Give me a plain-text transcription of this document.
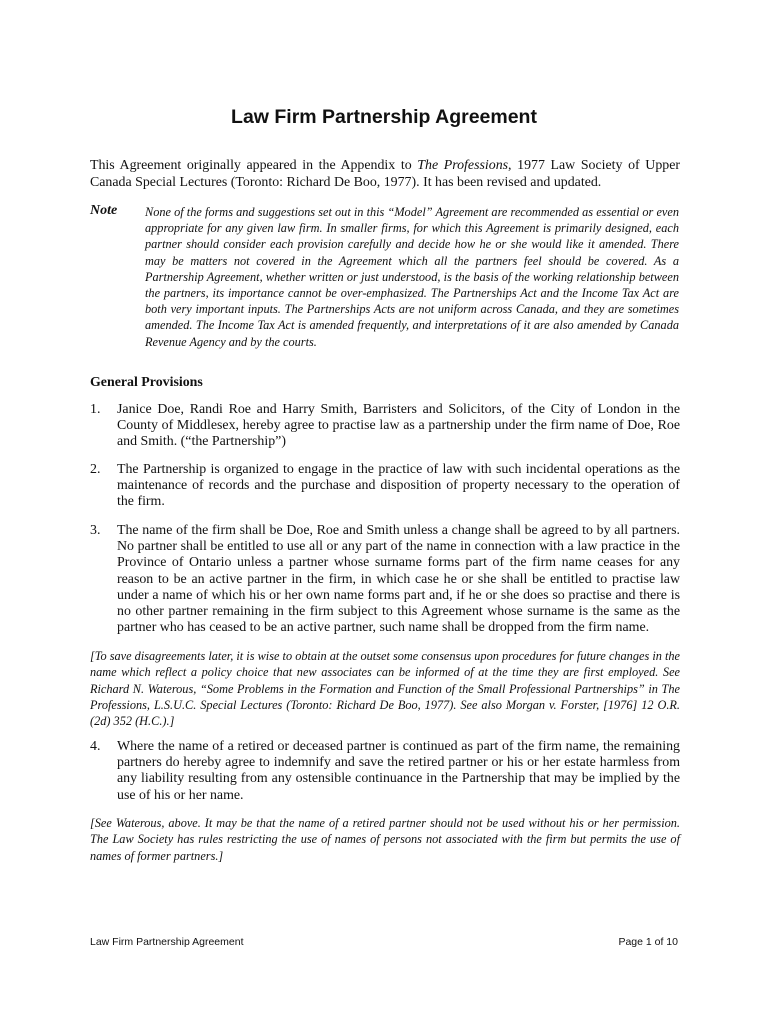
Law Firm Partnership Agreement

This Agreement originally appeared in the Appendix to The Professions, 1977 Law Society of Upper Canada Special Lectures (Toronto: Richard De Boo, 1977). It has been revised and updated.

Note None of the forms and suggestions set out in this “Model” Agreement are recommended as essential or even appropriate for any given law firm. In smaller firms, for which this Agreement is primarily designed, each partner should consider each provision carefully and decide how he or she would like it amended. There may be matters not covered in the Agreement which all the partners feel should be covered. As a Partnership Agreement, whether written or just understood, is the basis of the working relationship between the partners, its importance cannot be over-emphasized. The Partnerships Act and the Income Tax Act are both very important inputs. The Partnerships Acts are not uniform across Canada, and they are sometimes amended. The Income Tax Act is amended frequently, and interpretations of it are also amended by Canada Revenue Agency and by the courts.

General Provisions
1. Janice Doe, Randi Roe and Harry Smith, Barristers and Solicitors, of the City of London in the County of Middlesex, hereby agree to practise law as a partnership under the firm name of Doe, Roe and Smith. (“the Partnership”)
2. The Partnership is organized to engage in the practice of law with such incidental operations as the maintenance of records and the purchase and disposition of property necessary to the operation of the firm.
3. The name of the firm shall be Doe, Roe and Smith unless a change shall be agreed to by all partners. No partner shall be entitled to use all or any part of the name in connection with a law practice in the Province of Ontario unless a partner whose surname forms part of the firm name ceases for any reason to be an active partner in the firm, in which case he or she shall be entitled to practise law under a name of which his or her own name forms part and, if he or she does so practise and there is no other partner remaining in the firm subject to this Agreement whose surname is the same as the partner who has ceased to be an active partner, such name shall be dropped from the firm name.

[To save disagreements later, it is wise to obtain at the outset some consensus upon procedures for future changes in the name which reflect a policy choice that new associates can be informed of at the time they are first employed. See Richard N. Waterous, “Some Problems in the Formation and Function of the Small Professional Partnerships” in The Professions, L.S.U.C. Special Lectures (Toronto: Richard De Boo, 1977). See also Morgan v. Forster, [1976] 12 O.R. (2d) 352 (H.C.).]

4. Where the name of a retired or deceased partner is continued as part of the firm name, the remaining partners do hereby agree to indemnify and save the retired partner or his or her estate harmless from any liability resulting from any ostensible continuance in the Partnership that may be implied by the use of his or her name.

[See Waterous, above. It may be that the name of a retired partner should not be used without his or her permission. The Law Society has rules restricting the use of names of persons not associated with the firm but permits the use of names of former partners.]

Law Firm Partnership Agreement	Page 1 of 10
